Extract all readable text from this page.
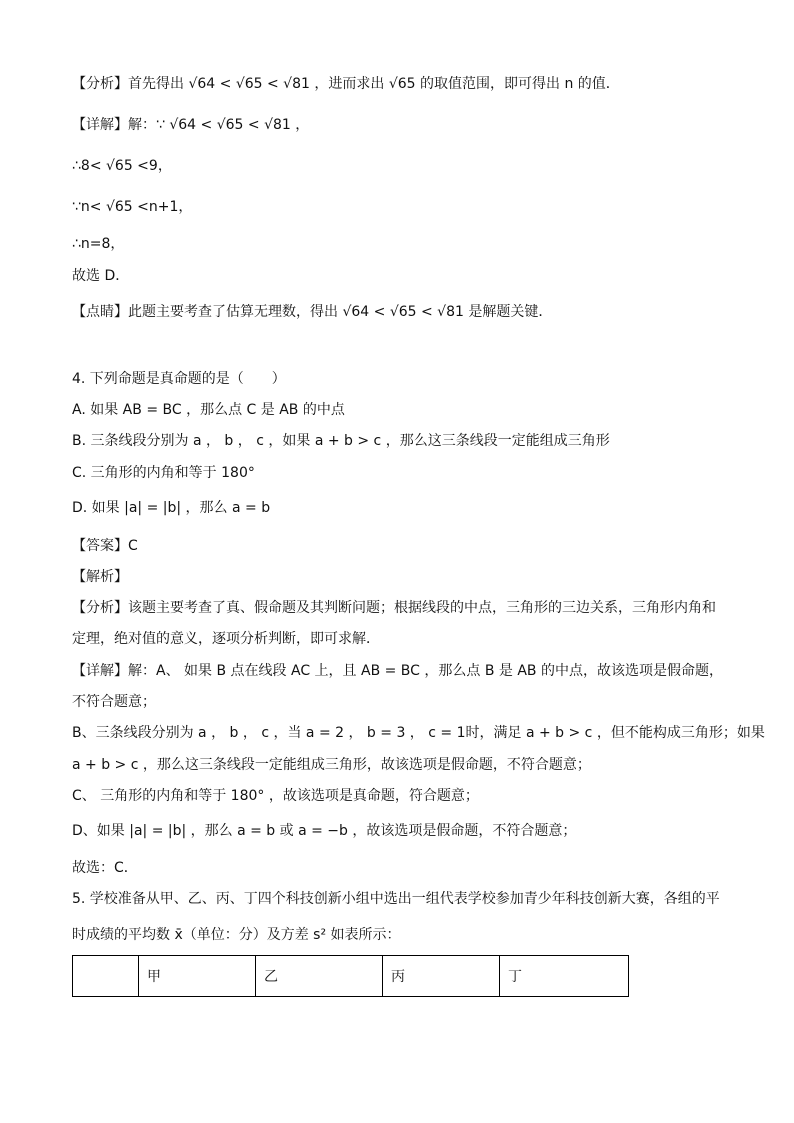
【分析】首先得出 √64 < √65 < √81 ，进而求出 √65 的取值范围，即可得出 n 的值．
【详解】解：∵ √64 < √65 < √81 ，
∴8< √65 <9，
∵n< √65 <n+1，
∴n=8，
故选 D．
【点睛】此题主要考查了估算无理数，得出 √64 < √65 < √81 是解题关键．
4. 下列命题是真命题的是（　　）
A. 如果 AB = BC ，那么点 C 是 AB 的中点
B. 三条线段分别为 a ， b ， c ，如果 a + b > c ，那么这三条线段一定能组成三角形
C. 三角形的内角和等于 180°
D. 如果 |a| = |b| ，那么 a = b
【答案】C
【解析】
【分析】该题主要考查了真、假命题及其判断问题；根据线段的中点，三角形的三边关系，三角形内角和
定理，绝对值的意义，逐项分析判断，即可求解．
【详解】解：A、 如果 B 点在线段 AC 上，且 AB = BC ，那么点 B 是 AB 的中点，故该选项是假命题，
不符合题意；
B、三条线段分别为 a ， b ， c ，当 a = 2 ， b = 3 ， c = 1时，满足 a + b > c ，但不能构成三角形；如果
a + b > c ，那么这三条线段一定能组成三角形，故该选项是假命题，不符合题意；
C、 三角形的内角和等于 180° ，故该选项是真命题，符合题意；
D、如果 |a| = |b| ，那么 a = b 或 a = −b ，故该选项是假命题，不符合题意；
故选：C．
5. 学校准备从甲、乙、丙、丁四个科技创新小组中选出一组代表学校参加青少年科技创新大赛，各组的平
时成绩的平均数 x̄（单位：分）及方差 s² 如表所示：
	甲	乙	丙	丁
